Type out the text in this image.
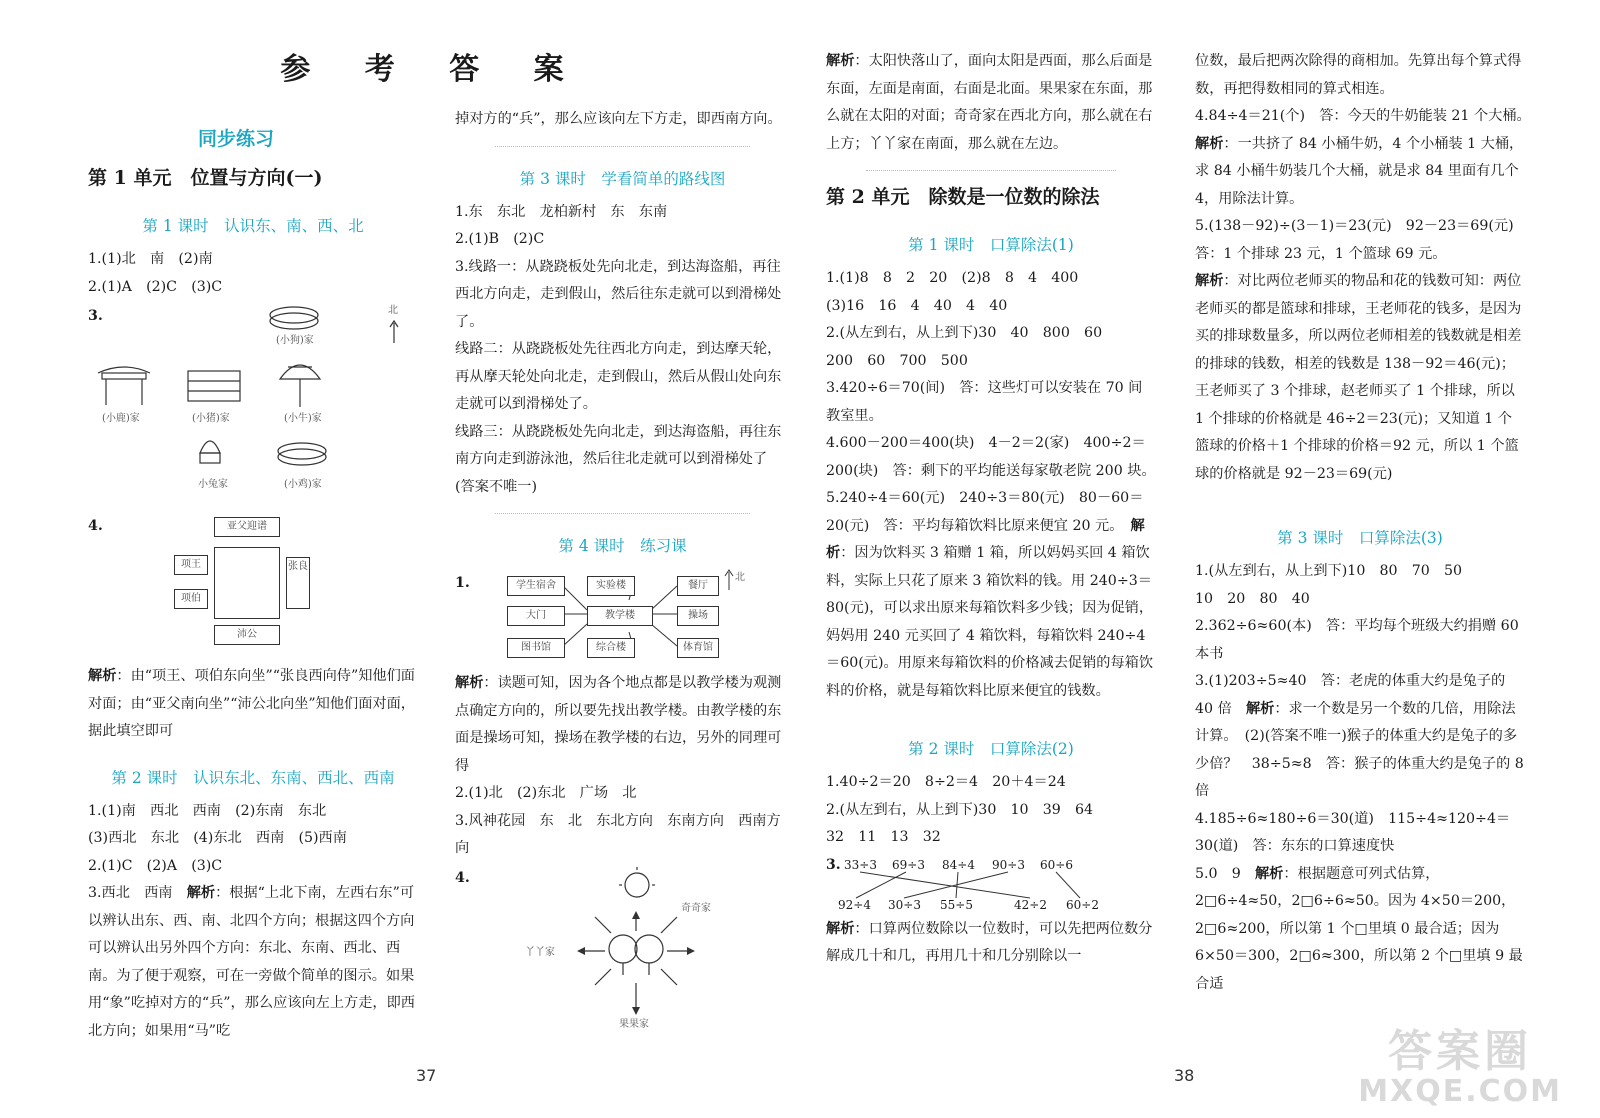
参 考 答 案
同步练习
第 1 单元　位置与方向(一)
第 1 课时　认识东、南、西、北

1.(1)北　南　(2)南

2.(1)A　(2)C　(3)C

3.	北
(小狗)家
(小鹿)家	(小猪)家	(小牛)家
小兔家	(小鸡)家
4.	亚父迎谱
项王
项伯
张良
沛公

解析：由“项王、项伯东向坐”“张良西向侍”知他们面对面；由“亚父南向坐”“沛公北向坐”知他们面对面，据此填空即可

第 2 课时　认识东北、东南、西北、西南

1.(1)南　西北　西南　(2)东南　东北

(3)西北　东北　(4)东北　西南　(5)西南

2.(1)C　(2)A　(3)C

3.西北　西南　 解析：根据“上北下南，左西右东”可以辨认出东、西、南、北四个方向；根据这四个方向可以辨认出另外四个方向：东北、东南、西北、西南。为了便于观察，可在一旁做个简单的图示。如果用“象”吃掉对方的“兵”，那么应该向左上方走，即西北方向；如果用“马”吃

掉对方的“兵”，那么应该向左下方走，即西南方向。

第 3 课时　学看简单的路线图

1.东　东北　龙柏新村　东　东南

2.(1)B　(2)C

3.线路一：从跷跷板处先向北走，到达海盗船，再往西北方向走，走到假山，然后往东走就可以到滑梯处了。

线路二：从跷跷板处先往西北方向走，到达摩天轮，再从摩天轮处向北走，走到假山，然后从假山处向东走就可以到滑梯处了。

线路三：从跷跷板处先向北走，到达海盗船，再往东南方向走到游泳池，然后往北走就可以到滑梯处了　(答案不唯一)

第 4 课时　练习课
1.	学生宿舍	实验楼	餐厅
大门	教学楼	操场
图书馆	综合楼	体育馆
北

解析：读题可知，因为各个地点都是以教学楼为观测点确定方向的，所以要先找出教学楼。由教学楼的东面是操场可知，操场在教学楼的右边，另外的同理可得

2.(1)北　(2)东北　广场　北

3.风神花园　东　北　东北方向　东南方向　西南方向

4.
奇奇家
丫丫家
果果家

解析：太阳快落山了，面向太阳是西面，那么后面是东面，左面是南面，右面是北面。果果家在东面，那么就在太阳的对面；奇奇家在西北方向，那么就在右上方；丫丫家在南面，那么就在左边。

第 2 单元　除数是一位数的除法
第 1 课时　口算除法(1)

1.(1)8　8　2　20　(2)8　8　4　400

(3)16　16　4　40　4　40

2.(从左到右，从上到下)30　40　800　60

200　60　700　500

3.420÷6＝70(间)　答：这些灯可以安装在 70 间教室里。

4.600－200＝400(块)　4－2＝2(家)　400÷2＝200(块)　答：剩下的平均能送每家敬老院 200 块。

5.240÷4＝60(元)　240÷3＝80(元)　80－60＝20(元)　答：平均每箱饮料比原来便宜 20 元。　 解析：因为饮料买 3 箱赠 1 箱，所以妈妈买回 4 箱饮料，实际上只花了原来 3 箱饮料的钱。用 240÷3＝80(元)，可以求出原来每箱饮料多少钱；因为促销，妈妈用 240 元买回了 4 箱饮料，每箱饮料 240÷4＝60(元)。用原来每箱饮料的价格减去促销的每箱饮料的价格，就是每箱饮料比原来便宜的钱数。

第 2 课时　口算除法(2)

1.40÷2＝20　8÷2＝4　20＋4＝24

2.(从左到右，从上到下)30　10　39　64

32　11　13　32

3. 33÷3 69÷3 84÷4 90÷3 60÷6
92÷4 30÷3 55÷5	42÷2 60÷2

解析：口算两位数除以一位数时，可以先把两位数分解成几十和几，再用几十和几分别除以一

位数，最后把两次除得的商相加。先算出每个算式得数，再把得数相同的算式相连。

4.84÷4＝21(个)　答：今天的牛奶能装 21 个大桶。　解析：一共挤了 84 小桶牛奶，4 个小桶装 1 大桶，求 84 小桶牛奶装几个大桶，就是求 84 里面有几个 4，用除法计算。

5.(138－92)÷(3－1)＝23(元)　92－23＝69(元)　答：1 个排球 23 元，1 个篮球 69 元。

解析：对比两位老师买的物品和花的钱数可知：两位老师买的都是篮球和排球，王老师花的钱多，是因为买的排球数量多，所以两位老师相差的钱数就是相差的排球的钱数，相差的钱数是 138－92＝46(元)；王老师买了 3 个排球，赵老师买了 1 个排球，所以 1 个排球的价格就是 46÷2＝23(元)；又知道 1 个篮球的价格＋1 个排球的价格＝92 元，所以 1 个篮球的价格就是 92－23＝69(元)

第 3 课时　口算除法(3)

1.(从左到右，从上到下)10　80　70　50

10　20　80　40

2.362÷6≈60(本)　答：平均每个班级大约捐赠 60 本书

3.(1)203÷5≈40　答：老虎的体重大约是兔子的 40 倍　 解析：求一个数是另一个数的几倍，用除法计算。　(2)(答案不唯一)猴子的体重大约是兔子的多少倍？　38÷5≈8　答：猴子的体重大约是兔子的 8 倍

4.185÷6≈180÷6＝30(道)　115÷4≈120÷4＝30(道)　答：东东的口算速度快

5.0　9　 解析：根据题意可列式估算，2□6÷4≈50，2□6÷6≈50。因为 4×50＝200，2□6≈200，所以第 1 个□里填 0 最合适；因为 6×50＝300，2□6≈300，所以第 2 个□里填 9 最合适

37	38	答案圈
MXQE.COM
